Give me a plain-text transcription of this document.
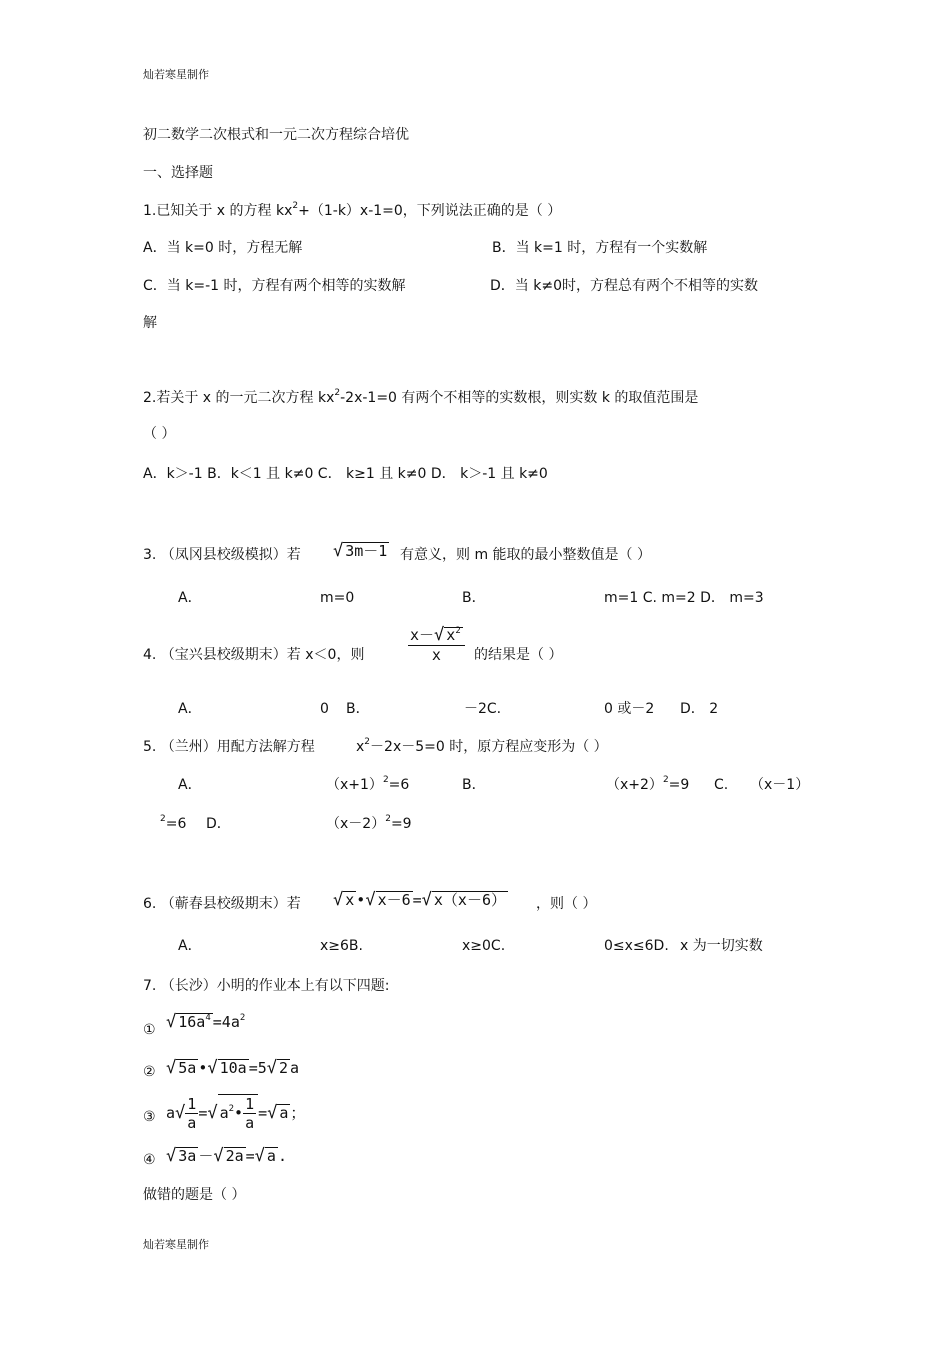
灿若寒星制作
初二数学二次根式和一元二次方程综合培优
一、选择题
1.已知关于 x 的方程 $kx^2+(1-k)x-1=0$，下列说法正确的是（ ）
A．当 k=0 时，方程无解	B．当 k=1 时，方程有一个实数解
C．当 k=-1 时，方程有两个相等的实数解	D．当 k≠0时，方程总有两个不相等的实数
解
2.若关于 x 的一元二次方程 $kx^2-2x-1=0$ 有两个不相等的实数根，则实数 k 的取值范围是
（ ）
A．k＞-1 B．k＜1 且 k≠0 C． k≥1 且 k≠0 D． k＞-1 且 k≠0
3. （凤冈县校级模拟）若 √ 3m－1 有意义，则 m 能取的最小整数值是（ ）
A．	m=0	B．	m=1 C. m=2 D． m=3
4. （宝兴县校级期末）若 x＜0，则	$\frac{x-√ x^2}{x}$ 的结果是（ ）
A．	0 B．	－2C.	0 或－2 D． 2
5. （兰州）用配方法解方程	$x^2-2x-5=0$ 时，原方程应变形为（ ）
A．	$(x+1)^2=6$	B．	$(x+2)^2=9$ C. （x－1）
$^2$=6 D．	$(x-2)^2=9$
6. （蕲春县校级期末）若 √ x •√ x－6 =√ x（x－6） ，则（ ）
A．	x≥6B.	x≥0C.	0≤x≤6D. x 为一切实数
7. （长沙）小明的作业本上有以下四题:
① √ $16a^4 =4a^2$
② √ 5a •√ 10a =5√ 2 a
③ $a√ \frac{1}{a}$ =√ $a^2• \frac{1}{a}$ =√ a ；
④ √ 3a －√ 2a =√ a .
做错的题是（ ）
灿若寒星制作
